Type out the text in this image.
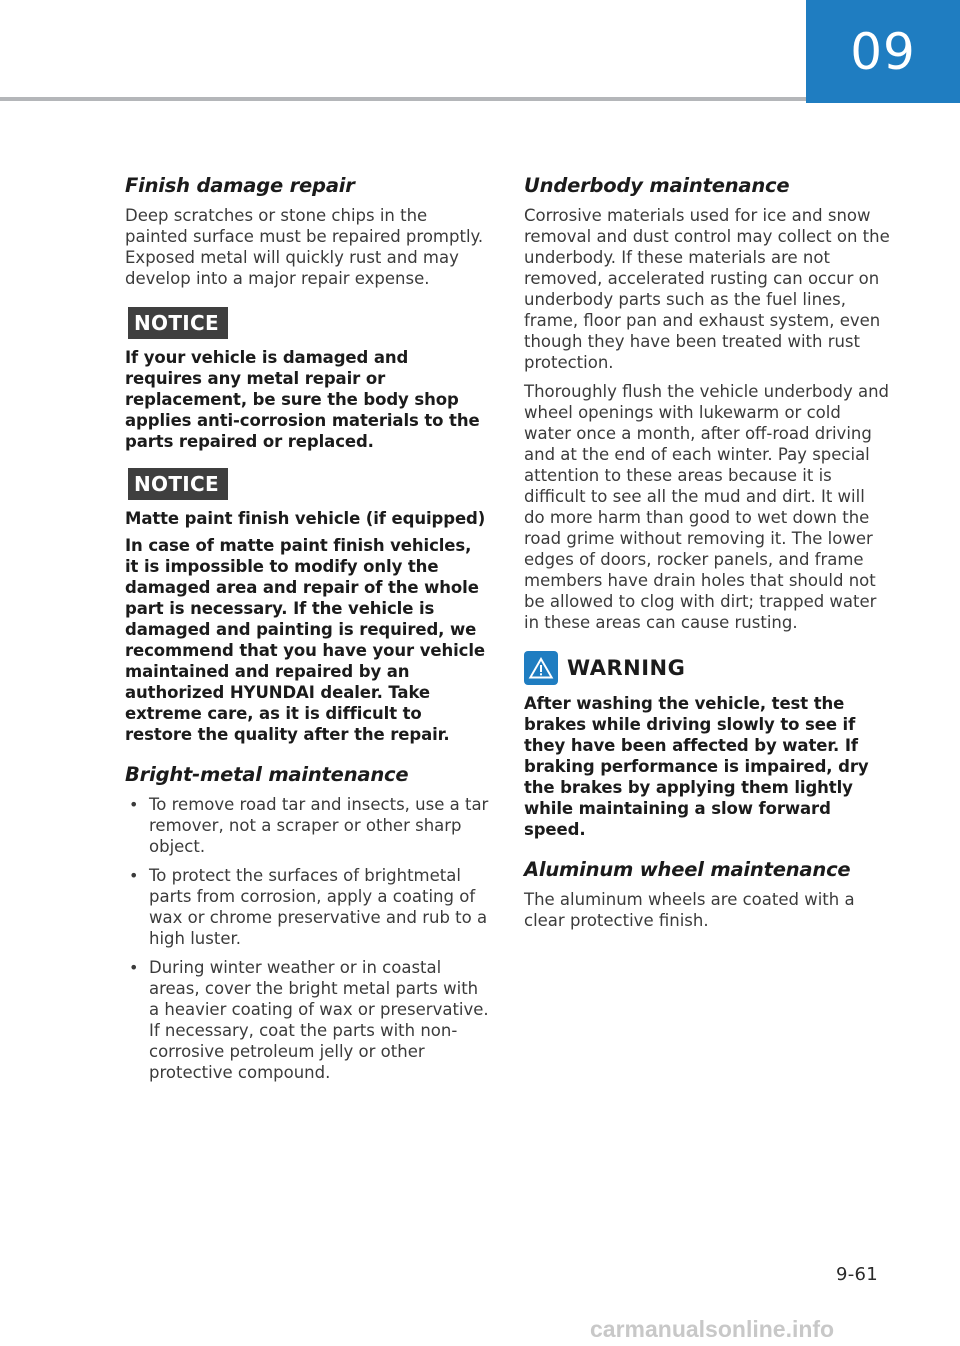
09
Finish damage repair

Deep scratches or stone chips in the painted surface must be repaired promptly. Exposed metal will quickly rust and may develop into a major repair expense.

NOTICE

If your vehicle is damaged and requires any metal repair or replacement, be sure the body shop applies anti-corrosion materials to the parts repaired or replaced.

NOTICE

Matte paint finish vehicle (if equipped)

In case of matte paint finish vehicles, it is impossible to modify only the damaged area and repair of the whole part is necessary. If the vehicle is damaged and painting is required, we recommend that you have your vehicle maintained and repaired by an authorized HYUNDAI dealer. Take extreme care, as it is difficult to restore the quality after the repair.

Bright-metal maintenance
• To remove road tar and insects, use a tar remover, not a scraper or other sharp object.
• To protect the surfaces of brightmetal parts from corrosion, apply a coating of wax or chrome preservative and rub to a high luster.
• During winter weather or in coastal areas, cover the bright metal parts with a heavier coating of wax or preservative. If necessary, coat the parts with non-corrosive petroleum jelly or other protective compound.
Underbody maintenance

Corrosive materials used for ice and snow removal and dust control may collect on the underbody. If these materials are not removed, accelerated rusting can occur on underbody parts such as the fuel lines, frame, floor pan and exhaust system, even though they have been treated with rust protection.

Thoroughly flush the vehicle underbody and wheel openings with lukewarm or cold water once a month, after off-road driving and at the end of each winter. Pay special attention to these areas because it is difficult to see all the mud and dirt. It will do more harm than good to wet down the road grime without removing it. The lower edges of doors, rocker panels, and frame members have drain holes that should not be allowed to clog with dirt; trapped water in these areas can cause rusting.

WARNING

After washing the vehicle, test the brakes while driving slowly to see if they have been affected by water. If braking performance is impaired, dry the brakes by applying them lightly while maintaining a slow forward speed.

Aluminum wheel maintenance

The aluminum wheels are coated with a clear protective finish.

9-61
carmanualsonline.info
